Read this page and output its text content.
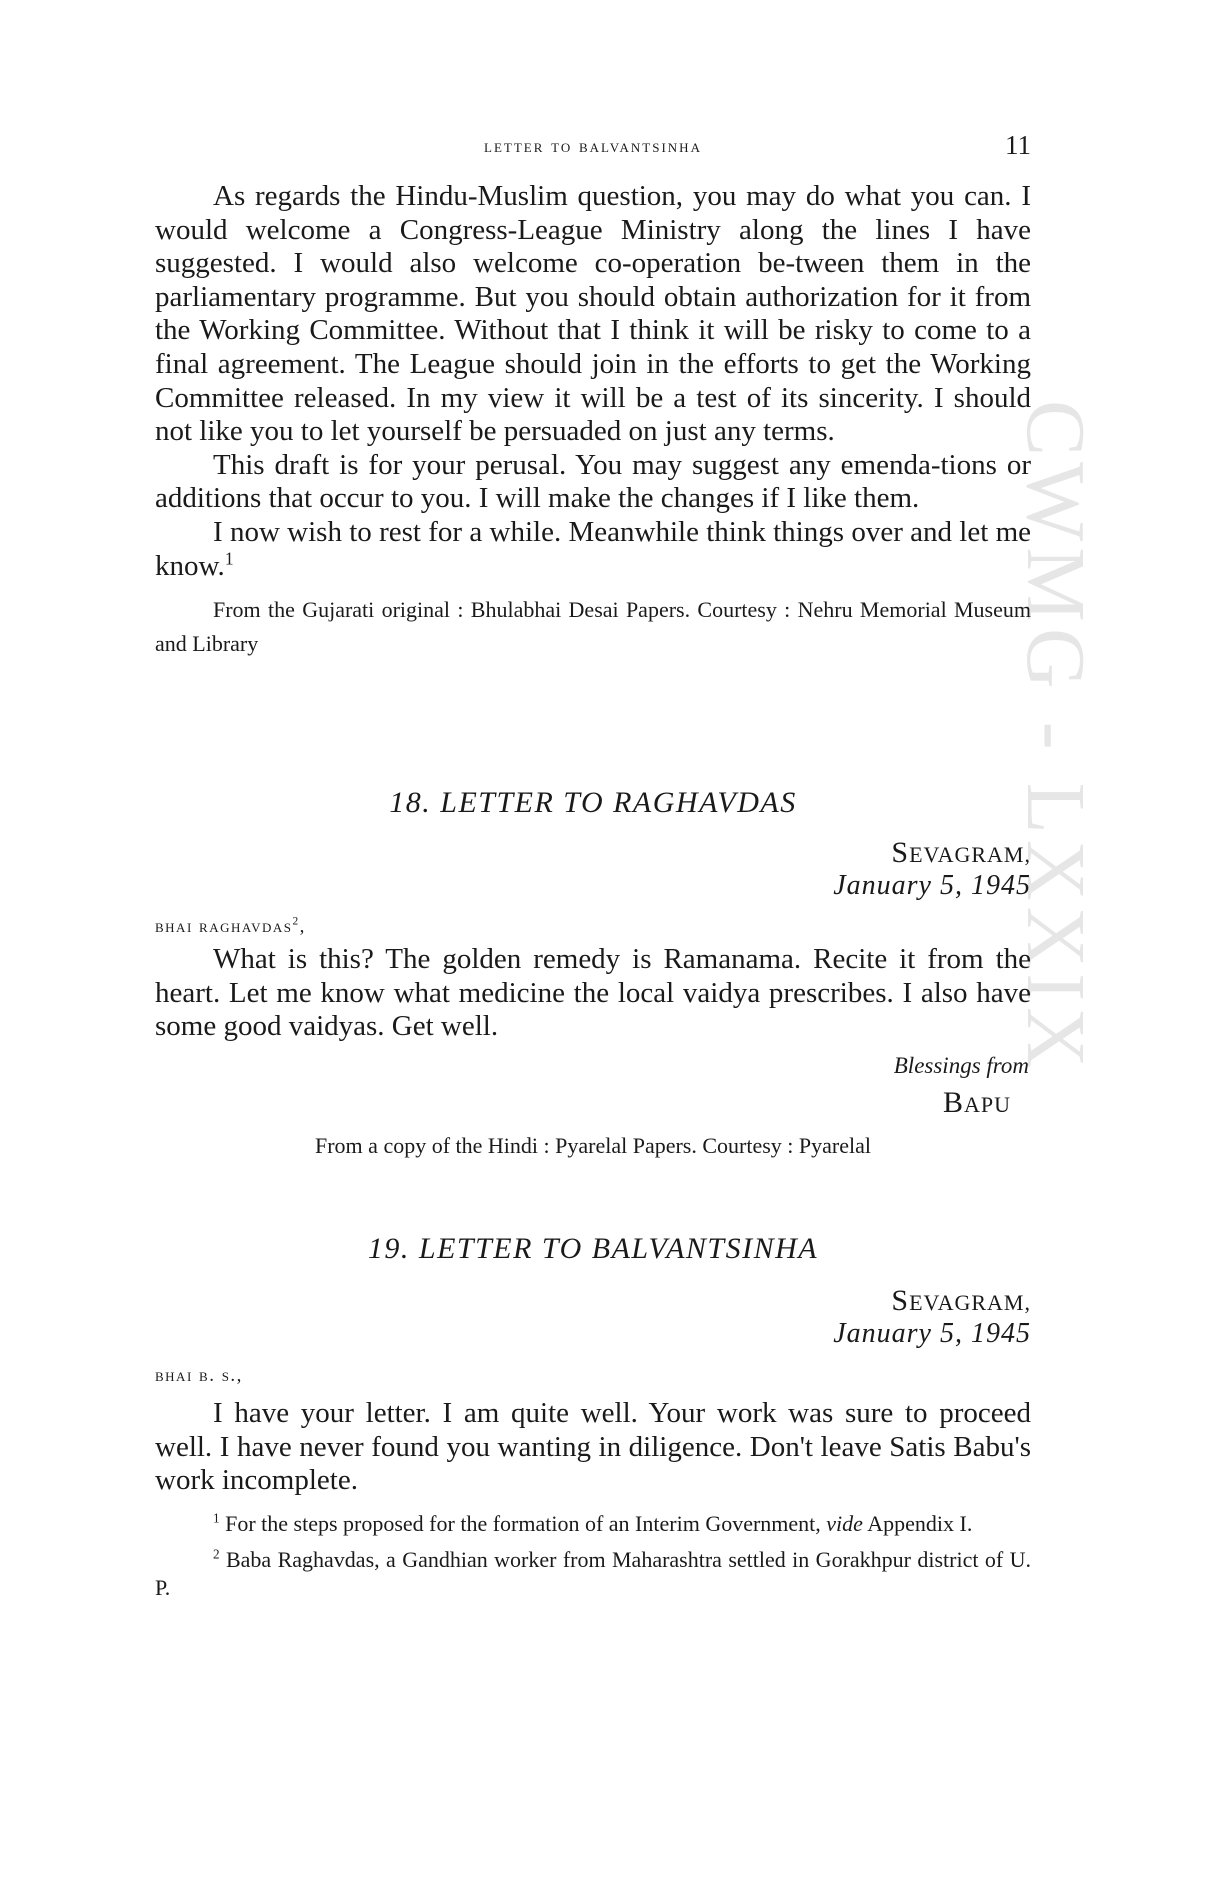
CWMG - LXXIX
letter to balvantsinha	11

As regards the Hindu-Muslim question, you may do what you can. I would welcome a Congress-League Ministry along the lines I have suggested. I would also welcome co-operation be-tween them in the parliamentary programme. But you should obtain authorization for it from the Working Committee. Without that I think it will be risky to come to a final agreement. The League should join in the efforts to get the Working Committee released. In my view it will be a test of its sincerity. I should not like you to let yourself be persuaded on just any terms.

This draft is for your perusal. You may suggest any emenda-tions or additions that occur to you. I will make the changes if I like them.

I now wish to rest for a while. Meanwhile think things over and let me know.$^1$

From the Gujarati original : Bhulabhai Desai Papers. Courtesy : Nehru Memorial Museum and Library

18. LETTER TO RAGHAVDAS
SEVAGRAM,
January 5, 1945
bhai raghavdas$^2$,

What is this? The golden remedy is Ramanama. Recite it from the heart. Let me know what medicine the local vaidya prescribes. I also have some good vaidyas. Get well.

Blessings from
BAPU

From a copy of the Hindi : Pyarelal Papers. Courtesy : Pyarelal

19. LETTER TO BALVANTSINHA
SEVAGRAM,
January 5, 1945
bhai b. s.,

I have your letter. I am quite well. Your work was sure to proceed well. I have never found you wanting in diligence. Don't leave Satis Babu's work incomplete.

$^1$ For the steps proposed for the formation of an Interim Government, vide Appendix I.

$^2$ Baba Raghavdas, a Gandhian worker from Maharashtra settled in Gorakhpur district of U. P.
